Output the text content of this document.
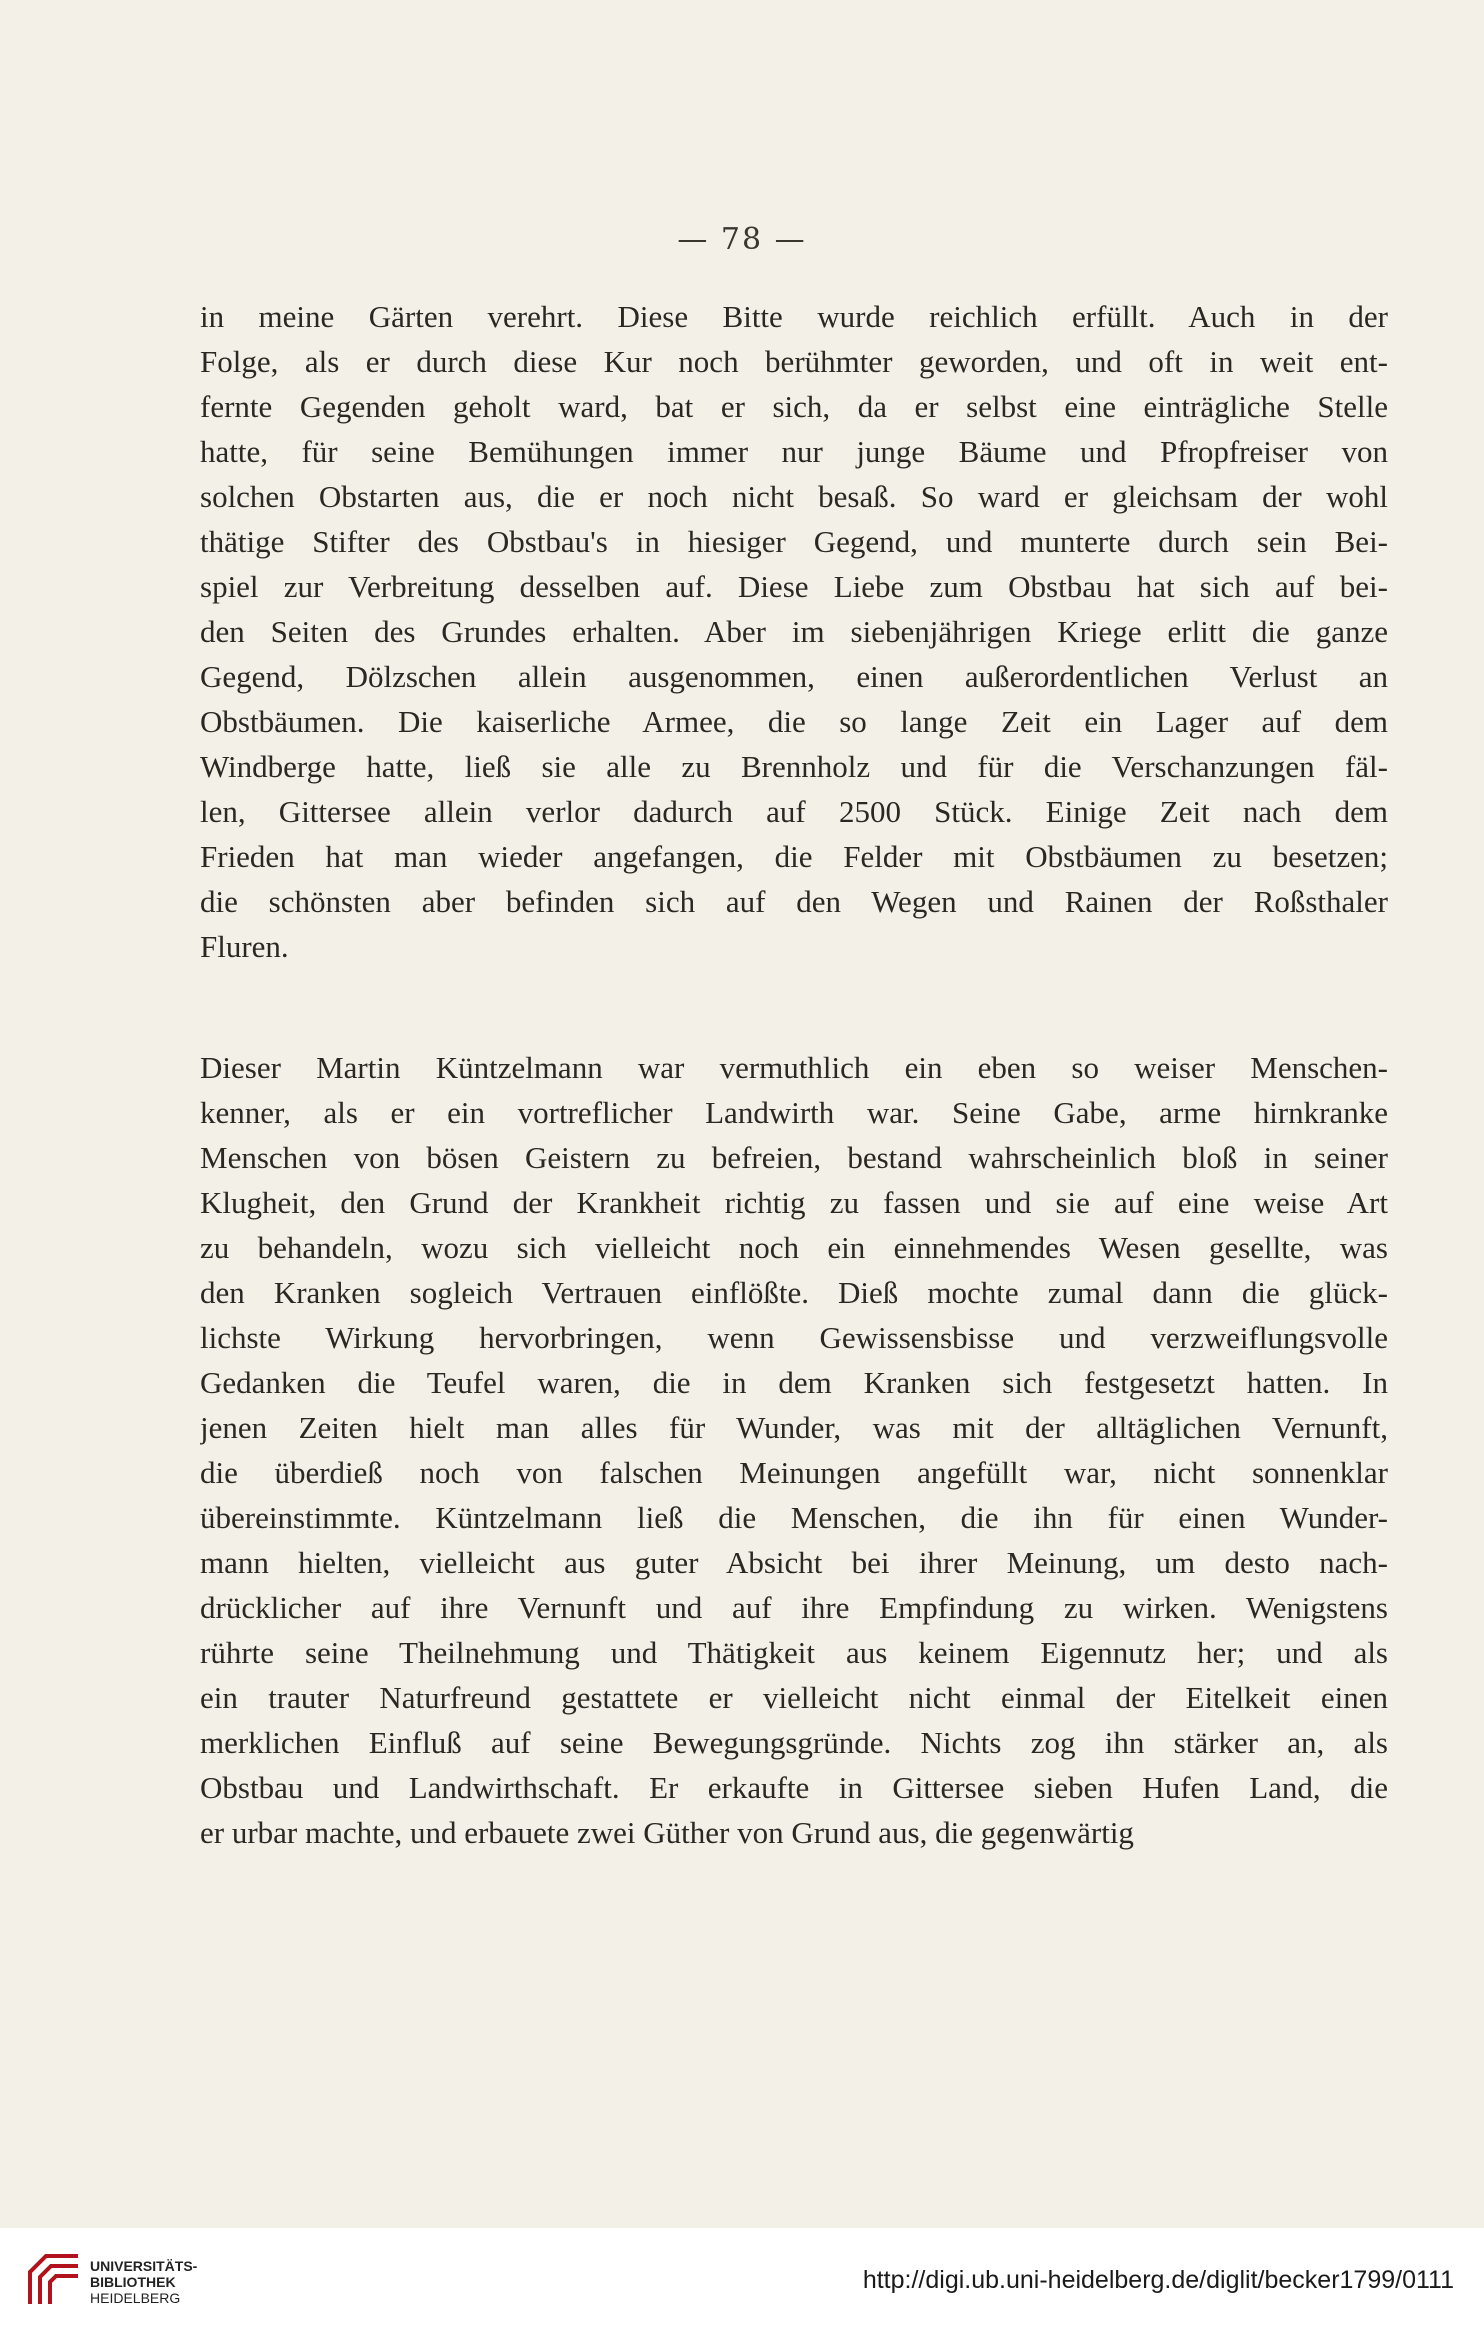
— 78 —
in meine Gärten verehrt. Diese Bitte wurde reichlich erfüllt. Auch in der
Folge, als er durch diese Kur noch berühmter geworden, und oft in weit ent-
fernte Gegenden geholt ward, bat er sich, da er selbst eine einträgliche Stelle
hatte, für seine Bemühungen immer nur junge Bäume und Pfropfreiser von
solchen Obstarten aus, die er noch nicht besaß. So ward er gleichsam der wohl
thätige Stifter des Obstbau's in hiesiger Gegend, und munterte durch sein Bei-
spiel zur Verbreitung desselben auf. Diese Liebe zum Obstbau hat sich auf bei-
den Seiten des Grundes erhalten. Aber im siebenjährigen Kriege erlitt die ganze
Gegend, Dölzschen allein ausgenommen, einen außerordentlichen Verlust an
Obstbäumen. Die kaiserliche Armee, die so lange Zeit ein Lager auf dem
Windberge hatte, ließ sie alle zu Brennholz und für die Verschanzungen fäl-
len, Gittersee allein verlor dadurch auf 2500 Stück. Einige Zeit nach dem
Frieden hat man wieder angefangen, die Felder mit Obstbäumen zu besetzen;
die schönsten aber befinden sich auf den Wegen und Rainen der Roßsthaler
Fluren.
Dieser Martin Küntzelmann war vermuthlich ein eben so weiser Menschen-
kenner, als er ein vortreflicher Landwirth war. Seine Gabe, arme hirnkranke
Menschen von bösen Geistern zu befreien, bestand wahrscheinlich bloß in seiner
Klugheit, den Grund der Krankheit richtig zu fassen und sie auf eine weise Art
zu behandeln, wozu sich vielleicht noch ein einnehmendes Wesen gesellte, was
den Kranken sogleich Vertrauen einflößte. Dieß mochte zumal dann die glück-
lichste Wirkung hervorbringen, wenn Gewissensbisse und verzweiflungsvolle
Gedanken die Teufel waren, die in dem Kranken sich festgesetzt hatten. In
jenen Zeiten hielt man alles für Wunder, was mit der alltäglichen Vernunft,
die überdieß noch von falschen Meinungen angefüllt war, nicht sonnenklar
übereinstimmte. Küntzelmann ließ die Menschen, die ihn für einen Wunder-
mann hielten, vielleicht aus guter Absicht bei ihrer Meinung, um desto nach-
drücklicher auf ihre Vernunft und auf ihre Empfindung zu wirken. Wenigstens
rührte seine Theilnehmung und Thätigkeit aus keinem Eigennutz her; und als
ein trauter Naturfreund gestattete er vielleicht nicht einmal der Eitelkeit einen
merklichen Einfluß auf seine Bewegungsgründe. Nichts zog ihn stärker an, als
Obstbau und Landwirthschaft. Er erkaufte in Gittersee sieben Hufen Land, die
er urbar machte, und erbauete zwei Güther von Grund aus, die gegenwärtig
UNIVERSITÄTS-
BIBLIOTHEK
HEIDELBERG
http://digi.ub.uni-heidelberg.de/diglit/becker1799/0111
